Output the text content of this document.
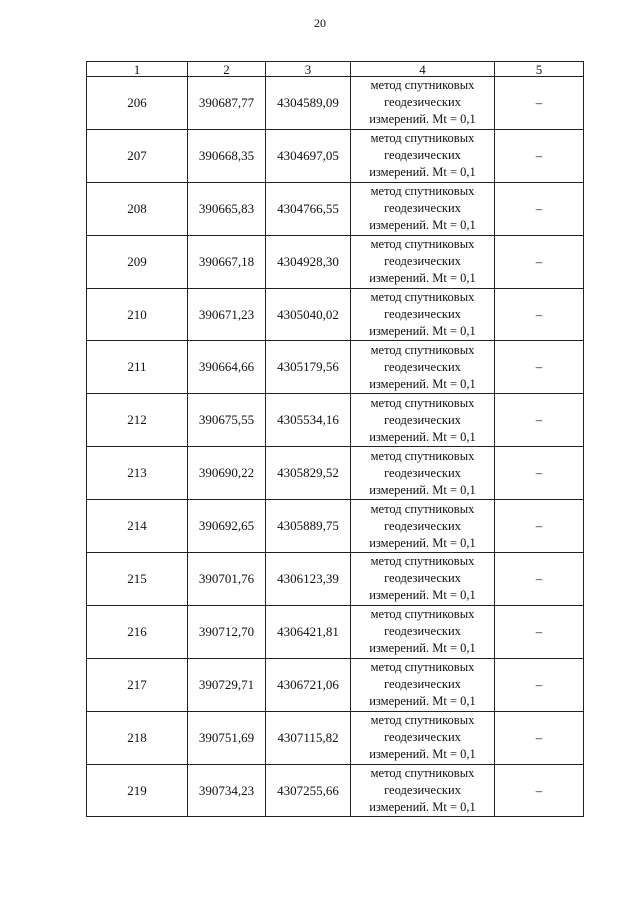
20
1	2	3	4	5
206	390687,77	4304589,09	метод спутниковых
геодезических
измерений. Mt = 0,1	–
207	390668,35	4304697,05	метод спутниковых
геодезических
измерений. Mt = 0,1	–
208	390665,83	4304766,55	метод спутниковых
геодезических
измерений. Mt = 0,1	–
209	390667,18	4304928,30	метод спутниковых
геодезических
измерений. Mt = 0,1	–
210	390671,23	4305040,02	метод спутниковых
геодезических
измерений. Mt = 0,1	–
211	390664,66	4305179,56	метод спутниковых
геодезических
измерений. Mt = 0,1	–
212	390675,55	4305534,16	метод спутниковых
геодезических
измерений. Mt = 0,1	–
213	390690,22	4305829,52	метод спутниковых
геодезических
измерений. Mt = 0,1	–
214	390692,65	4305889,75	метод спутниковых
геодезических
измерений. Mt = 0,1	–
215	390701,76	4306123,39	метод спутниковых
геодезических
измерений. Mt = 0,1	–
216	390712,70	4306421,81	метод спутниковых
геодезических
измерений. Mt = 0,1	–
217	390729,71	4306721,06	метод спутниковых
геодезических
измерений. Mt = 0,1	–
218	390751,69	4307115,82	метод спутниковых
геодезических
измерений. Mt = 0,1	–
219	390734,23	4307255,66	метод спутниковых
геодезических
измерений. Mt = 0,1	–
